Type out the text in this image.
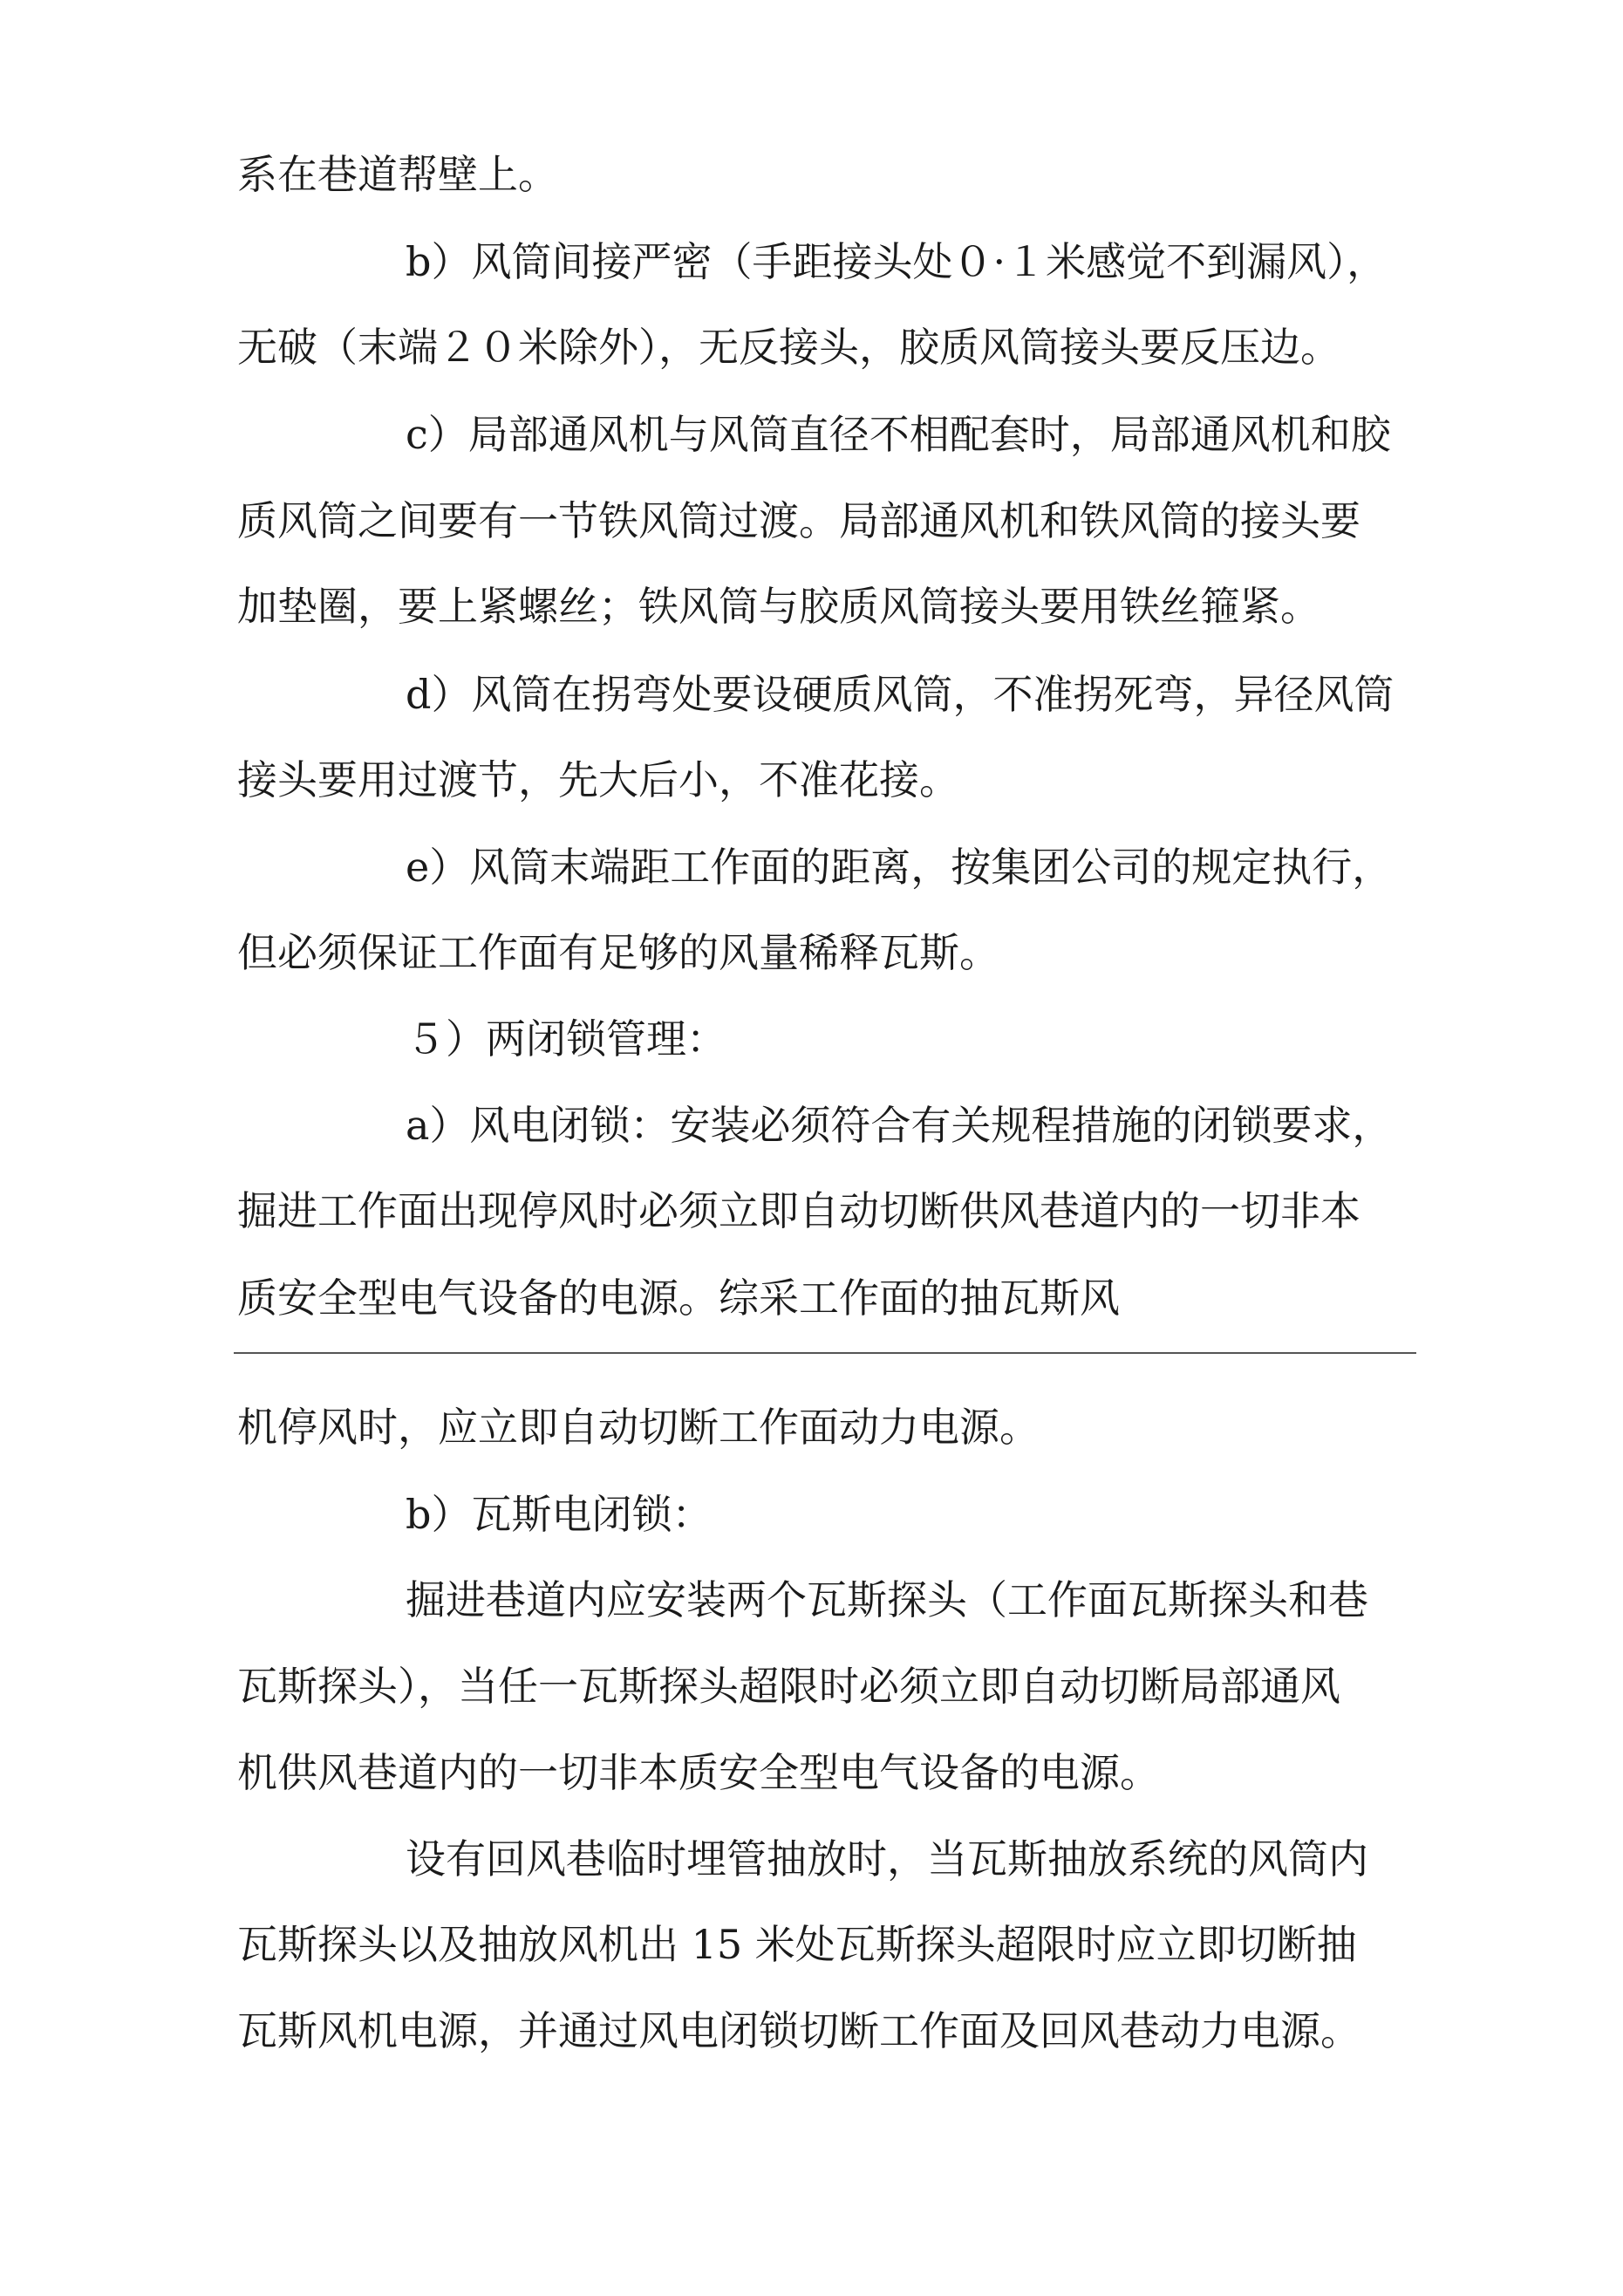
系在巷道帮壁上。
b）风筒间接严密（手距接头处０·１米感觉不到漏风），
无破（末端２０米除外），无反接头，胶质风筒接头要反压边。
c）局部通风机与风筒直径不相配套时，局部通风机和胶
质风筒之间要有一节铁风筒过渡。局部通风机和铁风筒的接头要
加垫圈，要上紧螺丝；铁风筒与胶质风筒接头要用铁丝箍紧。
d）风筒在拐弯处要设硬质风筒，不准拐死弯，异径风筒
接头要用过渡节，先大后小，不准花接。
e）风筒末端距工作面的距离，按集团公司的规定执行，
但必须保证工作面有足够的风量稀释瓦斯。
５）两闭锁管理：
a）风电闭锁：安装必须符合有关规程措施的闭锁要求，
掘进工作面出现停风时必须立即自动切断供风巷道内的一切非本
质安全型电气设备的电源。综采工作面的抽瓦斯风
机停风时，应立即自动切断工作面动力电源。
b）瓦斯电闭锁：
掘进巷道内应安装两个瓦斯探头（工作面瓦斯探头和巷
瓦斯探头），当任一瓦斯探头超限时必须立即自动切断局部通风
机供风巷道内的一切非本质安全型电气设备的电源。
设有回风巷临时埋管抽放时，当瓦斯抽放系统的风筒内
瓦斯探头以及抽放风机出 15 米处瓦斯探头超限时应立即切断抽
瓦斯风机电源，并通过风电闭锁切断工作面及回风巷动力电源。
